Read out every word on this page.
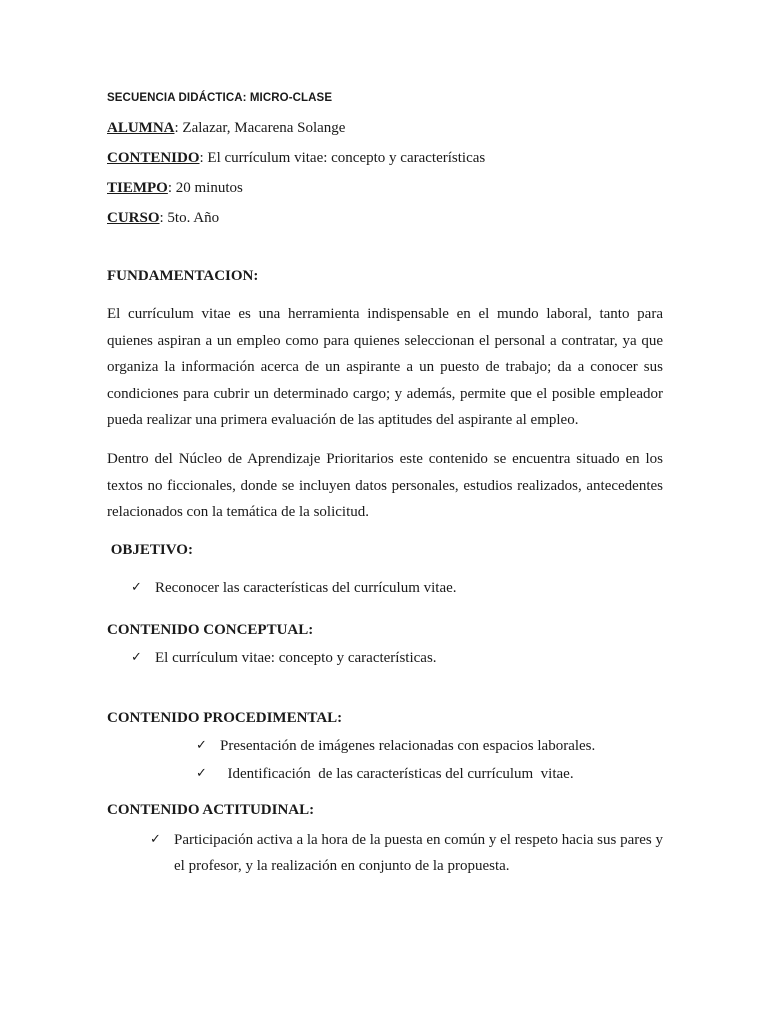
SECUENCIA DIDÁCTICA: MICRO-CLASE
ALUMNA: Zalazar, Macarena Solange
CONTENIDO: El currículum vitae: concepto y características
TIEMPO: 20 minutos
CURSO: 5to. Año
FUNDAMENTACION:

El currículum vitae es una herramienta indispensable en el mundo laboral, tanto para quienes aspiran a un empleo como para quienes seleccionan el personal a contratar, ya que organiza la información acerca de un aspirante a un puesto de trabajo; da a conocer sus condiciones para cubrir un determinado cargo; y además, permite que el posible empleador pueda realizar una primera evaluación de las aptitudes del aspirante al empleo.

Dentro del Núcleo de Aprendizaje Prioritarios este contenido se encuentra situado en los textos no ficcionales, donde se incluyen datos personales, estudios realizados, antecedentes relacionados con la temática de la solicitud.

OBJETIVO:
✓ Reconocer las características del currículum vitae.
CONTENIDO CONCEPTUAL:
✓ El currículum vitae: concepto y características.
CONTENIDO PROCEDIMENTAL:
✓ Presentación de imágenes relacionadas con espacios laborales.
✓ Identificación  de las características del currículum  vitae.
CONTENIDO ACTITUDINAL:
✓ Participación activa a la hora de la puesta en común y el respeto hacia sus pares y el profesor, y la realización en conjunto de la propuesta.
